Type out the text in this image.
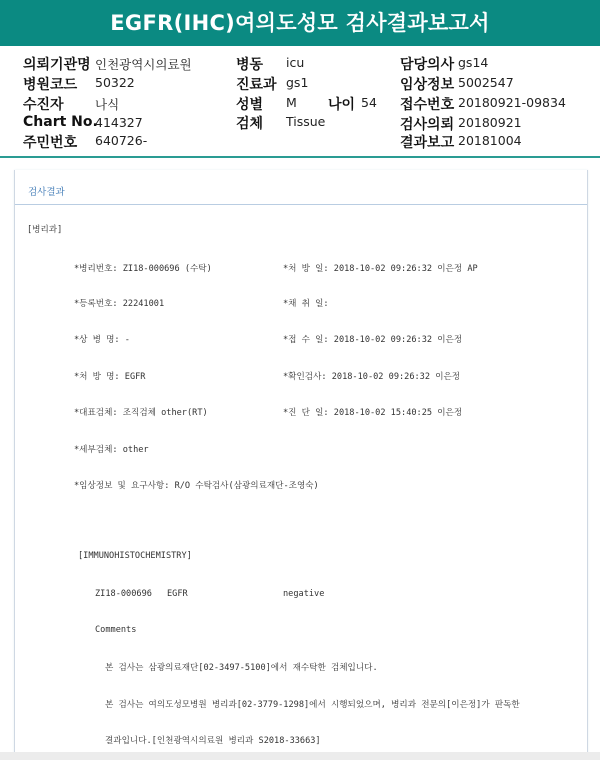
EGFR(IHC)여의도성모 검사결과보고서
의뢰기관명 인천광역시의료원
병원코드 50322
수진자	나식
Chart No.
414327
주민번호 640726-
병동 icu
진료과 gs1
성별 M 나이 54
검체 Tissue
담당의사 gs14
임상정보 5002547
접수번호 20180921-09834
검사의뢰 20180921
결과보고 20181004
검사결과
[병리과]
*병리번호: ZI18-000696 (수탁)	*처 방 일: 2018-10-02 09:26:32 이은정 AP
*등록번호: 22241001	*채 취 일:
*상 병 명: -	*접 수 일: 2018-10-02 09:26:32 이은정
*처 방 명: EGFR	*확인검사: 2018-10-02 09:26:32 이은정
*대표검체: 조직검체 other(RT)	*진 단 일: 2018-10-02 15:40:25 이은정
*세부검체: other
*임상정보 및 요구사항: R/O 수탁검사(삼광의료재단-조영숙)
[IMMUNOHISTOCHEMISTRY]
ZI18-000696 EGFR	negative
Comments
본 검사는 삼광의료재단[02-3497-5100]에서 재수탁한 검체입니다.
본 검사는 여의도성모병원 병리과[02-3779-1298]에서 시행되었으며, 병리과 전문의[이은정]가 판독한
결과입니다.[인천광역시의료원 병리과 S2018-33663]
